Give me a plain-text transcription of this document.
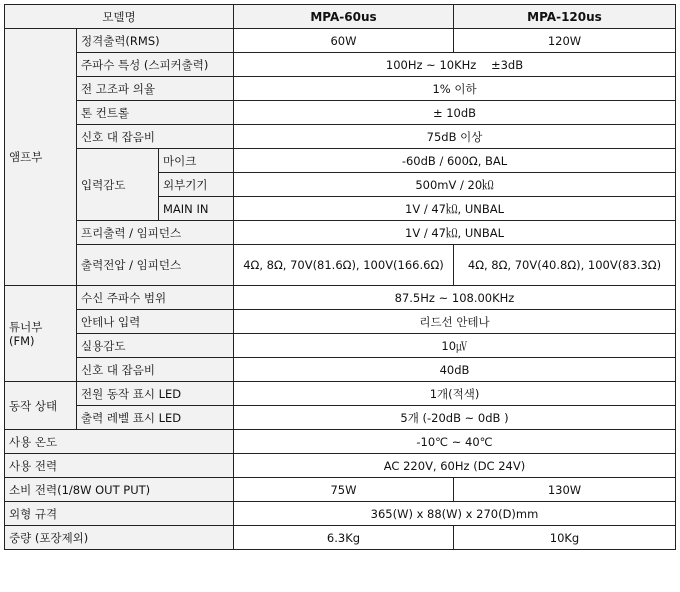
모델명			MPA-60us	MPA-120us
앰프부	정격출력(RMS)		60W	120W
	주파수 특성 (스피커출력)		100Hz ~ 10KHz    ±3dB	
	전 고조파 의율		1% 이하	
	톤 컨트롤		± 10dB	
	신호 대 잡음비		75dB 이상	
	입력감도	마이크	-60dB / 600Ω, BAL	
		외부기기	500mV / 20㏀	
		MAIN IN	1V / 47㏀, UNBAL	
	프리출력 / 임피던스		1V / 47㏀, UNBAL	
	출력전압 / 임피던스		4Ω, 8Ω, 70V(81.6Ω), 100V(166.6Ω)	4Ω, 8Ω, 70V(40.8Ω), 100V(83.3Ω)

튜너부
(FM)	수신 주파수 범위		87.5Hz ~ 108.00KHz	
	안테나 입력		리드선 안테나	
	실용감도		10㎶	
	신호 대 잡음비		40dB	
동작 상태	전원 동작 표시 LED		1개(적색)	
	출력 레벨 표시 LED		5개 (-20dB ~ 0dB )	
사용 온도			-10℃ ~ 40℃	
사용 전력			AC 220V, 60Hz (DC 24V)	
소비 전력(1/8W OUT PUT)			75W	130W
외형 규격			365(W) x 88(W) x 270(D)mm	
중량 (포장제외)			6.3Kg	10Kg
